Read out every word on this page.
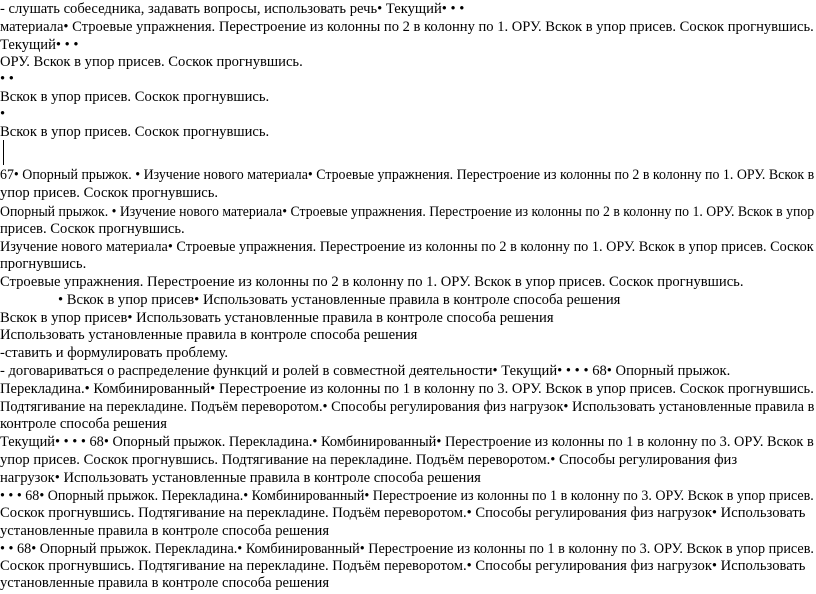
- слушать собеседника, задавать вопросы, использовать речь• Текущий• • •
материала• Строевые упражнения. Перестроение из колонны по 2 в колонну по 1. ОРУ. Вскок в упор присев. Соскок прогнувшись.
Текущий• • •
ОРУ. Вскок в упор присев. Соскок прогнувшись.
• •
Вскок в упор присев. Соскок прогнувшись.
•
Вскок в упор присев. Соскок прогнувшись.
67• Опорный прыжок. • Изучение нового материала• Строевые упражнения. Перестроение из колонны по 2 в колонну по 1. ОРУ. Вскок в
упор присев. Соскок прогнувшись.
Опорный прыжок. • Изучение нового материала• Строевые упражнения. Перестроение из колонны по 2 в колонну по 1. ОРУ. Вскок в упор
присев. Соскок прогнувшись.
Изучение нового материала• Строевые упражнения. Перестроение из колонны по 2 в колонну по 1. ОРУ. Вскок в упор присев. Соскок
прогнувшись.
Строевые упражнения. Перестроение из колонны по 2 в колонну по 1. ОРУ. Вскок в упор присев. Соскок прогнувшись.
• Вскок в упор присев• Использовать установленные правила в контроле способа решения
Вскок в упор присев• Использовать установленные правила в контроле способа решения
Использовать установленные правила в контроле способа решения
-ставить и формулировать проблему.
- договариваться о распределение функций и ролей в совместной деятельности• Текущий• • • • 68• Опорный прыжок.
Перекладина.• Комбинированный• Перестроение из колонны по 1 в колонну по 3. ОРУ. Вскок в упор присев. Соскок прогнувшись.
Подтягивание на перекладине. Подъём переворотом.• Способы регулирования физ нагрузок• Использовать установленные правила в
контроле способа решения
Текущий• • • • 68• Опорный прыжок. Перекладина.• Комбинированный• Перестроение из колонны по 1 в колонну по 3. ОРУ. Вскок в
упор присев. Соскок прогнувшись. Подтягивание на перекладине. Подъём переворотом.• Способы регулирования физ
нагрузок• Использовать установленные правила в контроле способа решения
• • • 68• Опорный прыжок. Перекладина.• Комбинированный• Перестроение из колонны по 1 в колонну по 3. ОРУ. Вскок в упор присев.
Соскок прогнувшись. Подтягивание на перекладине. Подъём переворотом.• Способы регулирования физ нагрузок• Использовать
установленные правила в контроле способа решения
• • 68• Опорный прыжок. Перекладина.• Комбинированный• Перестроение из колонны по 1 в колонну по 3. ОРУ. Вскок в упор присев.
Соскок прогнувшись. Подтягивание на перекладине. Подъём переворотом.• Способы регулирования физ нагрузок• Использовать
установленные правила в контроле способа решения
